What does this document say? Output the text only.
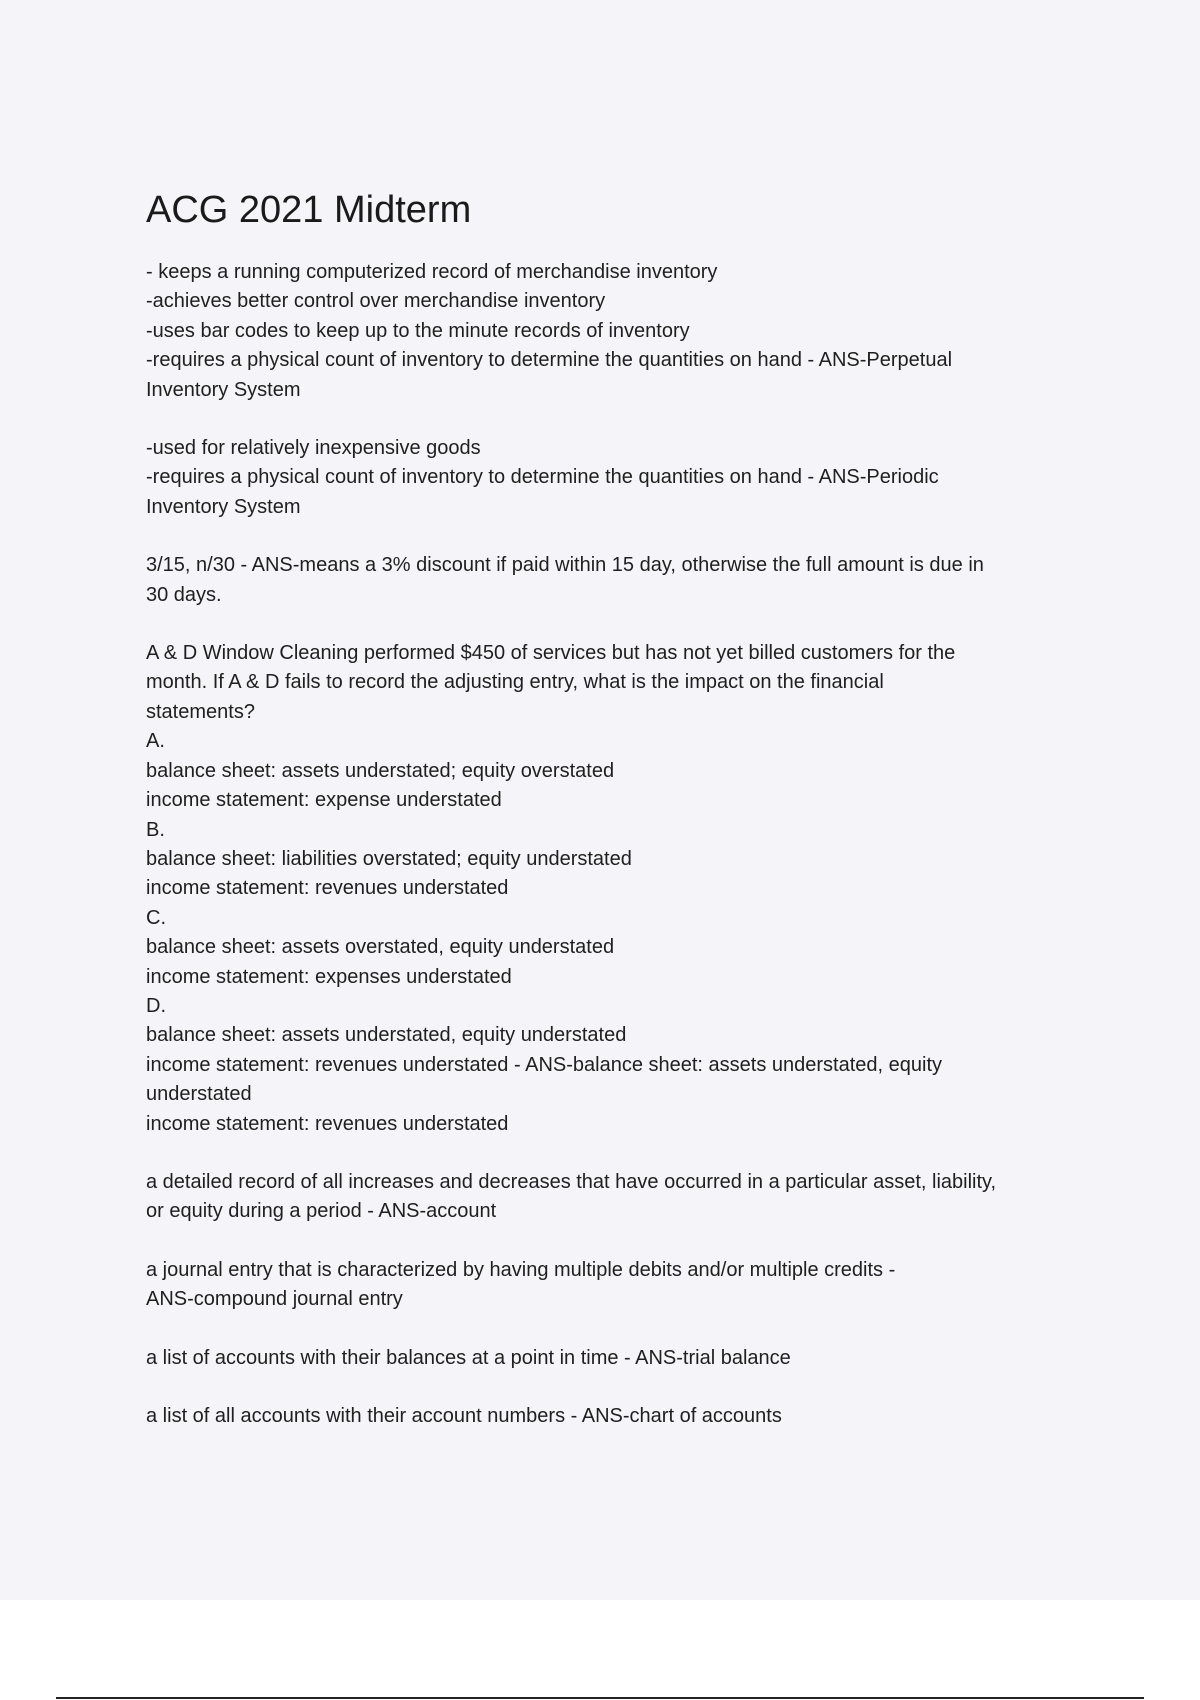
ACG 2021 Midterm
- keeps a running computerized record of merchandise inventory
-achieves better control over merchandise inventory
-uses bar codes to keep up to the minute records of inventory
-requires a physical count of inventory to determine the quantities on hand - ANS-Perpetual
Inventory System
-used for relatively inexpensive goods
-requires a physical count of inventory to determine the quantities on hand - ANS-Periodic
Inventory System
3/15, n/30 - ANS-means a 3% discount if paid within 15 day, otherwise the full amount is due in
30 days.
A & D Window Cleaning performed $450 of services but has not yet billed customers for the
month. If A & D fails to record the adjusting entry, what is the impact on the financial
statements?
A.
balance sheet: assets understated; equity overstated
income statement: expense understated
B.
balance sheet: liabilities overstated; equity understated
income statement: revenues understated
C.
balance sheet: assets overstated, equity understated
income statement: expenses understated
D.
balance sheet: assets understated, equity understated
income statement: revenues understated - ANS-balance sheet: assets understated, equity
understated
income statement: revenues understated
a detailed record of all increases and decreases that have occurred in a particular asset, liability,
or equity during a period - ANS-account
a journal entry that is characterized by having multiple debits and/or multiple credits -
ANS-compound journal entry
a list of accounts with their balances at a point in time - ANS-trial balance
a list of all accounts with their account numbers - ANS-chart of accounts
